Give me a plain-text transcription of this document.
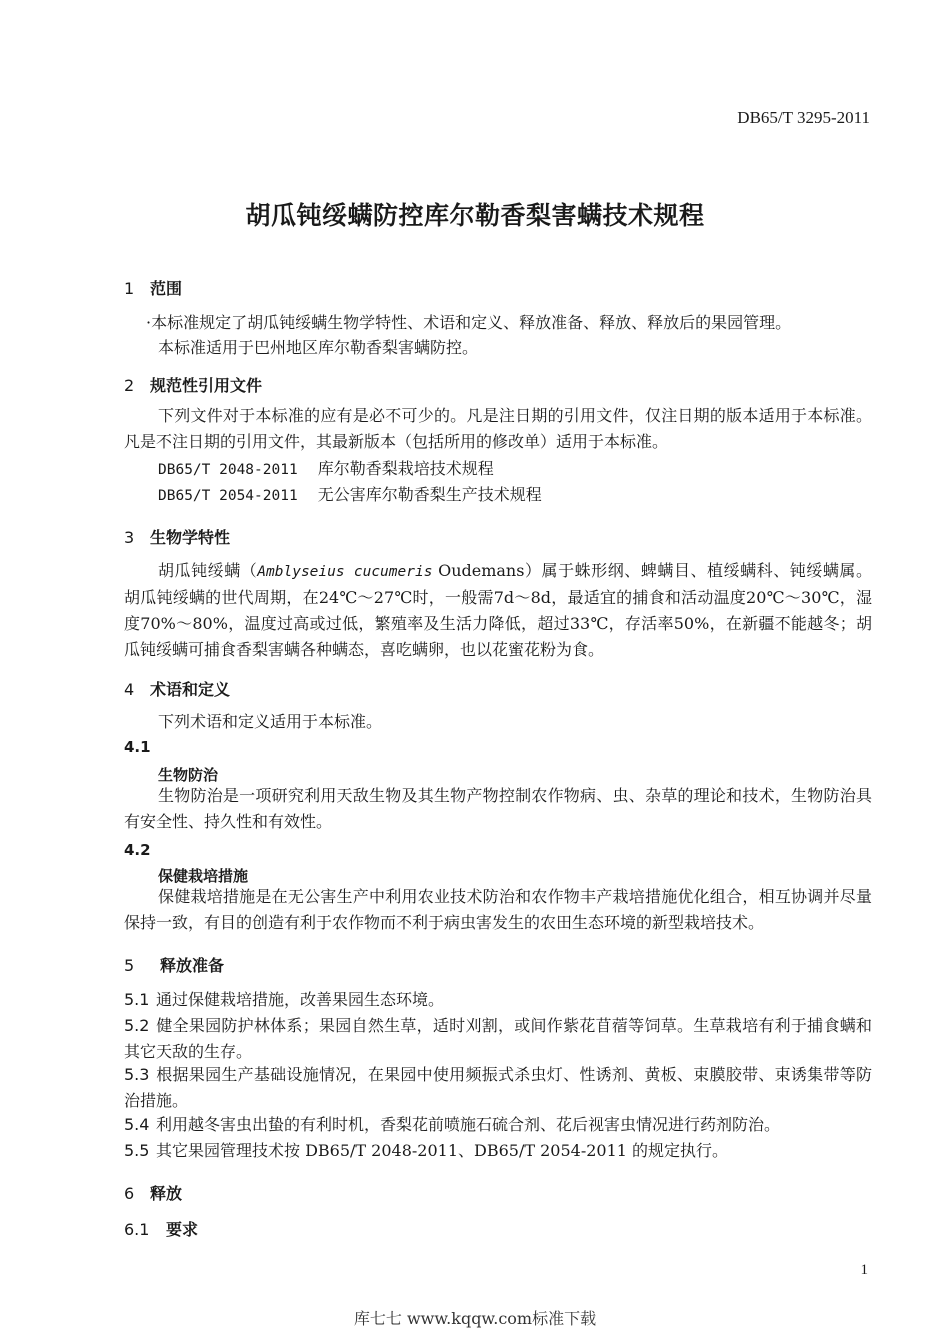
DB65/T 3295-2011
胡瓜钝绥螨防控库尔勒香梨害螨技术规程
1 范围
·本标准规定了胡瓜钝绥螨生物学特性、术语和定义、释放准备、释放、释放后的果园管理。
本标准适用于巴州地区库尔勒香梨害螨防控。
2 规范性引用文件
下列文件对于本标准的应有是必不可少的。凡是注日期的引用文件，仅注日期的版本适用于本标准。凡是不注日期的引用文件，其最新版本（包括所用的修改单）适用于本标准。
DB65/T 2048-2011 库尔勒香梨栽培技术规程
DB65/T 2054-2011 无公害库尔勒香梨生产技术规程
3 生物学特性
胡瓜钝绥螨（Amblyseius cucumeris Oudemans）属于蛛形纲、蜱螨目、植绥螨科、钝绥螨属。胡瓜钝绥螨的世代周期，在24℃～27℃时，一般需7d～8d，最适宜的捕食和活动温度20℃～30℃，湿度70%～80%，温度过高或过低，繁殖率及生活力降低，超过33℃，存活率50%，在新疆不能越冬；胡瓜钝绥螨可捕食香梨害螨各种螨态，喜吃螨卵，也以花蜜花粉为食。
4 术语和定义
下列术语和定义适用于本标准。
4.1
生物防治
生物防治是一项研究利用天敌生物及其生物产物控制农作物病、虫、杂草的理论和技术，生物防治具有安全性、持久性和有效性。
4.2
保健栽培措施
保健栽培措施是在无公害生产中利用农业技术防治和农作物丰产栽培措施优化组合，相互协调并尽量保持一致，有目的创造有利于农作物而不利于病虫害发生的农田生态环境的新型栽培技术。
5 释放准备
5.1 通过保健栽培措施，改善果园生态环境。
5.2 健全果园防护林体系；果园自然生草，适时刈割，或间作紫花苜蓿等饲草。生草栽培有利于捕食螨和其它天敌的生存。
5.3 根据果园生产基础设施情况，在果园中使用频振式杀虫灯、性诱剂、黄板、束膜胶带、束诱集带等防治措施。
5.4 利用越冬害虫出蛰的有利时机，香梨花前喷施石硫合剂、花后视害虫情况进行药剂防治。
5.5 其它果园管理技术按 DB65/T 2048-2011、DB65/T 2054-2011 的规定执行。
6 释放
6.1 要求
1
库七七 www.kqqw.com标准下载
